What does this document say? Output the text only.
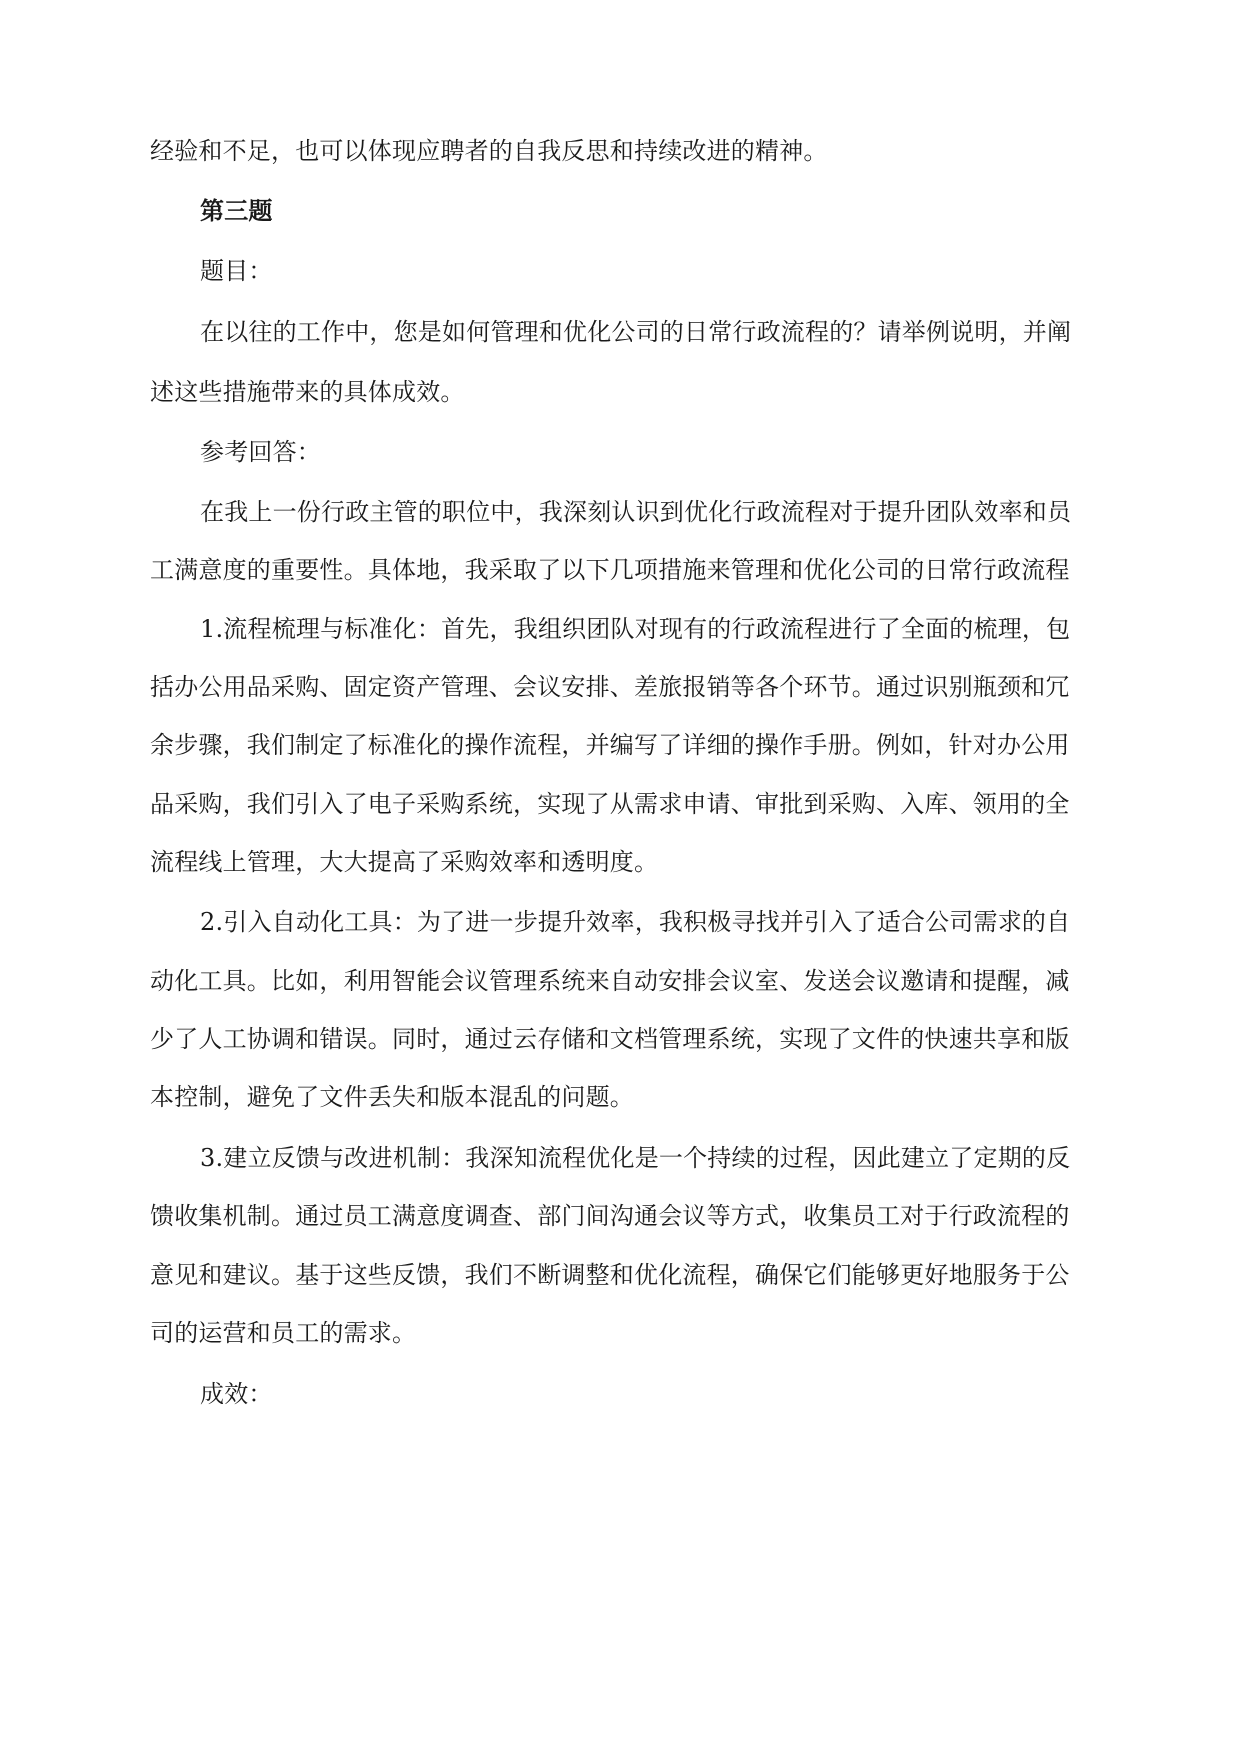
经验和不足，也可以体现应聘者的自我反思和持续改进的精神。
第三题
题目：
在以往的工作中，您是如何管理和优化公司的日常行政流程的？请举例说明，并阐
述这些措施带来的具体成效。
参考回答：
在我上一份行政主管的职位中，我深刻认识到优化行政流程对于提升团队效率和员
工满意度的重要性。具体地，我采取了以下几项措施来管理和优化公司的日常行政流程
1.流程梳理与标准化：首先，我组织团队对现有的行政流程进行了全面的梳理，包
括办公用品采购、固定资产管理、会议安排、差旅报销等各个环节。通过识别瓶颈和冗
余步骤，我们制定了标准化的操作流程，并编写了详细的操作手册。例如，针对办公用
品采购，我们引入了电子采购系统，实现了从需求申请、审批到采购、入库、领用的全
流程线上管理，大大提高了采购效率和透明度。
2.引入自动化工具：为了进一步提升效率，我积极寻找并引入了适合公司需求的自
动化工具。比如，利用智能会议管理系统来自动安排会议室、发送会议邀请和提醒，减
少了人工协调和错误。同时，通过云存储和文档管理系统，实现了文件的快速共享和版
本控制，避免了文件丢失和版本混乱的问题。
3.建立反馈与改进机制：我深知流程优化是一个持续的过程，因此建立了定期的反
馈收集机制。通过员工满意度调查、部门间沟通会议等方式，收集员工对于行政流程的
意见和建议。基于这些反馈，我们不断调整和优化流程，确保它们能够更好地服务于公
司的运营和员工的需求。
成效：
